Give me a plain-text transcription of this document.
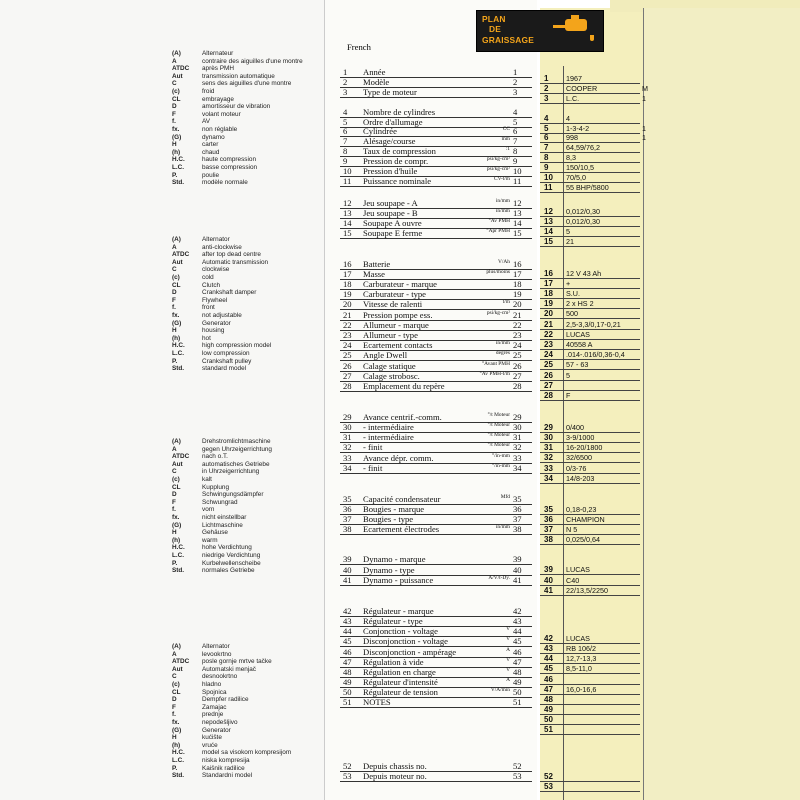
(A)	Alternateur
A	contraire des aiguilles d'une montre
ATDC	après PMH
Aut	transmission automatique
C	sens des aiguilles d'une montre
(c)	froid
CL	embrayage
D	amortisseur de vibration
F	volant moteur
f.	AV
fx.	non réglable
(G)	dynamo
H	carter
(h)	chaud
H.C.	haute compression
L.C.	basse compression
P.	poulie
Std.	modèle normale
(A)	Alternator
A	anti-clockwise
ATDC	after top dead centre
Aut	Automatic transmission
C	clockwise
(c)	cold
CL	Clutch
D	Crankshaft damper
F	Flywheel
f.	front
fx.	not adjustable
(G)	Generator
H	housing
(h)	hot
H.C.	high compression model
L.C.	low compression
P.	Crankshaft pulley
Std.	standard model
(A)	Drehstromlichtmaschine
A	gegen Uhrzeigerrichtung
ATDC	nach o.T.
Aut	automatisches Getriebe
C	in Uhrzeigerrichtung
(c)	kalt
CL	Kupplung
D	Schwingungsdämpfer
F	Schwungrad
f.	vorn
fx.	nicht einstellbar
(G)	Lichtmaschine
H	Gehäuse
(h)	warm
H.C.	hohe Verdichtung
L.C.	niedrige Verdichtung
P.	Kurbelwellenscheibe
Std.	normales Getriebe
(A)	Alternator
A	levookrtno
ATDC	posle gornje mrtve tačke
Aut	Automatski menjač
C	desnookrtno
(c)	hladno
CL	Spojnica
D	Dempfer radilice
F	Zamajac
f.	prednje
fx.	nepodešljivo
(G)	Generator
H	kućište
(h)	vruće
H.C.	model sa visokom kompresijom
L.C.	niska kompresija
P.	Kaišnik radilice
Std.	Standardni model
French
1	Année	1
2	Modèle	2
3	Type de moteur	3
4	Nombre de cylindres	4
5	Ordre d'allumage	5
6	Cylindrée	CC 6
7	Alésage/course	mm 7
8	Taux de compression	:1 8
9	Pression de compr.	psi/kg-cm² 9
10	Pression d'huile	psi/kg-cm² 10
11	Puissance nominale	CV-t/m 11
12	Jeu soupape - A	in/mm 12
13	Jeu soupape - B	in/mm 13
14	Soupape A ouvre	°Av PMH 14
15	Soupape E ferme	°Apr PMH 15
16	Batterie	V/Ah 16
17	Masse	plus/moins 17
18	Carburateur - marque	18
19	Carburateur - type	19
20	Vitesse de ralenti	t/m 20
21	Pression pompe ess.	psi/kg-cm² 21
22	Allumeur - marque	22
23	Allumeur - type	23
24	Ecartement contacts	in/mm 24
25	Angle Dwell	degrés 25
26	Calage statique	°Avant PMH 26
27	Calage strobosc.	°Av PMH-t/m 27
28	Emplacement du repère	28
29	Avance centrif.-comm.	°/t Moteur 29
30	- intermédiaire	°/t Moteur 30
31	- intermédiaire	°/t Moteur 31
32	- finit	°/t Moteur 32
33	Avance dépr. comm.	°/in-mm 33
34	- finit	°/in-mm 34
35	Capacité condensateur	Mfd 35
36	Bougies - marque	36
37	Bougies - type	37
38	Ecartement électrodes	in/mm 38
39	Dynamo - marque	39
40	Dynamo - type	40
41	Dynamo - puissance	A/V/t-Dy. 41
42	Régulateur - marque	42
43	Régulateur - type	43
44	Conjonction - voltage	V 44
45	Disconjonction - voltage	V 45
46	Disconjonction - ampérage	A 46
47	Régulation à vide	V 47
48	Régulation en charge	V 48
49	Régulateur d'intensité	A 49
50	Régulateur de tension	V/A/min 50
51	NOTES	51
52	Depuis chassis no.	52
53	Depuis moteur no.	53
1 1967
2 COOPER	M
3 L.C.	1
4 4
5 1-3-4-2	1
6 998	1
7 64,59/76,2
8 8,3
9 150/10,5
10 70/5,0
11 55 BHP/5800
12 0,012/0,30
13 0,012/0,30
14 5
15 21
16 12 V 43 Ah
17 +
18 S.U.
19 2 x HS 2
20 500
21 2,5-3,3/0,17-0,21
22 LUCAS
23 40558 A
24 .014-.016/0,36-0,4
25 57 - 63
26 5
27
28 F
29 0/400
30 3-9/1000
31 16-20/1800
32 32/6500
33 0/3-76
34 14/8-203
35 0,18-0,23
36 CHAMPION
37 N 5
38 0,025/0,64
39 LUCAS
40 C40
41 22/13,5/2250
42 LUCAS
43 RB 106/2
44 12,7-13,3
45 8,5-11,0
46
47 16,0-16,6
48
49
50
51
52
53
PLAN
DE
GRAISSAGE
